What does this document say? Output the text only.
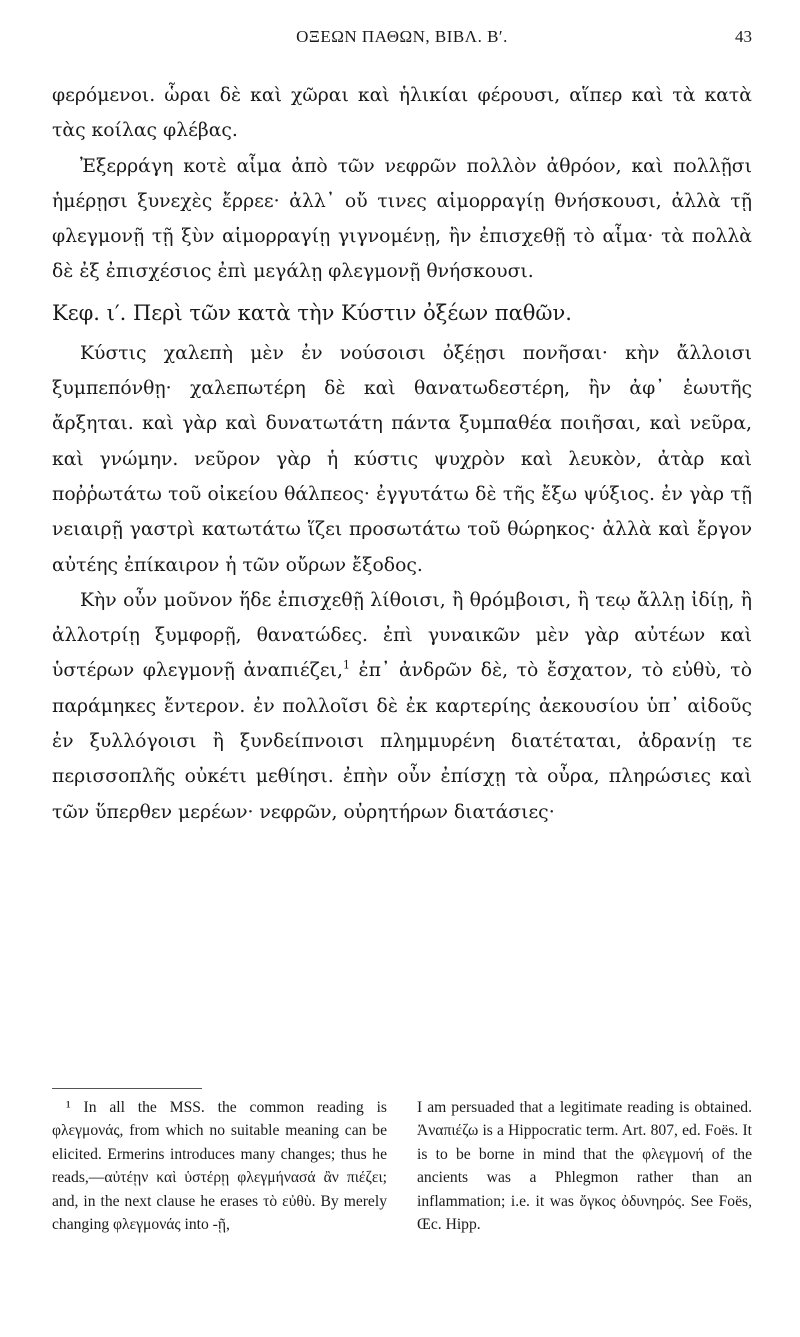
ΟΞΕΩΝ ΠΑΘΩΝ, ΒΙΒΛ. Β′.	43

φερόμενοι. ὧραι δὲ καὶ χῶραι καὶ ἡλικίαι φέρουσι, αἵπερ καὶ τὰ κατὰ τὰς κοίλας φλέβας.

Ἐξερράγη κοτὲ αἷμα ἀπὸ τῶν νεφρῶν πολλὸν ἀθρόον, καὶ πολλῇσι ἡμέρῃσι ξυνεχὲς ἔρρεε· ἀλλ᾽ οὔ τινες αἱμορραγίῃ θνήσκουσι, ἀλλὰ τῇ φλεγμονῇ τῇ ξὺν αἱμορραγίῃ γιγνομένῃ, ἢν ἐπισχεθῇ τὸ αἷμα· τὰ πολλὰ δὲ ἐξ ἐπισχέσιος ἐπὶ μεγάλῃ φλεγμονῇ θνήσκουσι.

Κεφ. ι′. Περὶ τῶν κατὰ τὴν Κύστιν ὀξέων παθῶν.

Κύστις χαλεπὴ μὲν ἐν νούσοισι ὀξέῃσι πονῆσαι· κὴν ἄλλοισι ξυμπεπόνθῃ· χαλεπωτέρη δὲ καὶ θανατωδεστέρη, ἢν ἀφ᾽ ἑωυτῆς ἄρξηται. καὶ γὰρ καὶ δυνατωτάτη πάντα ξυμπαθέα ποιῆσαι, καὶ νεῦρα, καὶ γνώμην. νεῦρον γὰρ ἡ κύστις ψυχρὸν καὶ λευκὸν, ἀτὰρ καὶ ποῤῥωτάτω τοῦ οἰκείου θάλπεος· ἐγγυτάτω δὲ τῆς ἔξω ψύξιος. ἐν γὰρ τῇ νειαιρῇ γαστρὶ κατωτάτω ἵζει προσωτάτω τοῦ θώρηκος· ἀλλὰ καὶ ἔργον αὐτέης ἐπίκαιρον ἡ τῶν οὔρων ἔξοδος.

Κὴν οὖν μοῦνον ἥδε ἐπισχεθῇ λίθοισι, ἢ θρόμβοισι, ἢ τεῳ ἄλλῃ ἰδίῃ, ἢ ἀλλοτρίῃ ξυμφορῇ, θανατώδες. ἐπὶ γυναικῶν μὲν γὰρ αὐτέων καὶ ὑστέρων φλεγμονῇ ἀναπιέζει,$^1$ ἐπ᾽ ἀνδρῶν δὲ, τὸ ἔσχατον, τὸ εὐθὺ, τὸ παράμηκες ἔντερον. ἐν πολλοῖσι δὲ ἐκ καρτερίης ἀεκουσίου ὑπ᾽ αἰδοῦς ἐν ξυλλόγοισι ἢ ξυνδείπνοισι πλημμυρένη διατέταται, ἀδρανίῃ τε περισσοπλῆς οὐκέτι μεθίησι. ἐπὴν οὖν ἐπίσχῃ τὰ οὖρα, πληρώσιες καὶ τῶν ὕπερθεν μερέων· νεφρῶν, οὐρητήρων διατάσιες·

¹ In all the MSS. the common reading is φλεγμονάς, from which no suitable meaning can be elicited. Ermerins introduces many changes; thus he reads,—αὐτέῃν καὶ ὑστέρῃ φλεγμήνασά ἂν πιέζει; and, in the next clause he erases τὸ εὐθὺ. By merely changing φλεγμονάς into -ῇ,

I am persuaded that a legitimate reading is obtained. Ἀναπιέζω is a Hippocratic term. Art. 807, ed. Foës. It is to be borne in mind that the φλεγμονή of the ancients was a Phlegmon rather than an inflammation; i.e. it was ὄγκος ὀδυνηρός. See Foës, Œc. Hipp.
